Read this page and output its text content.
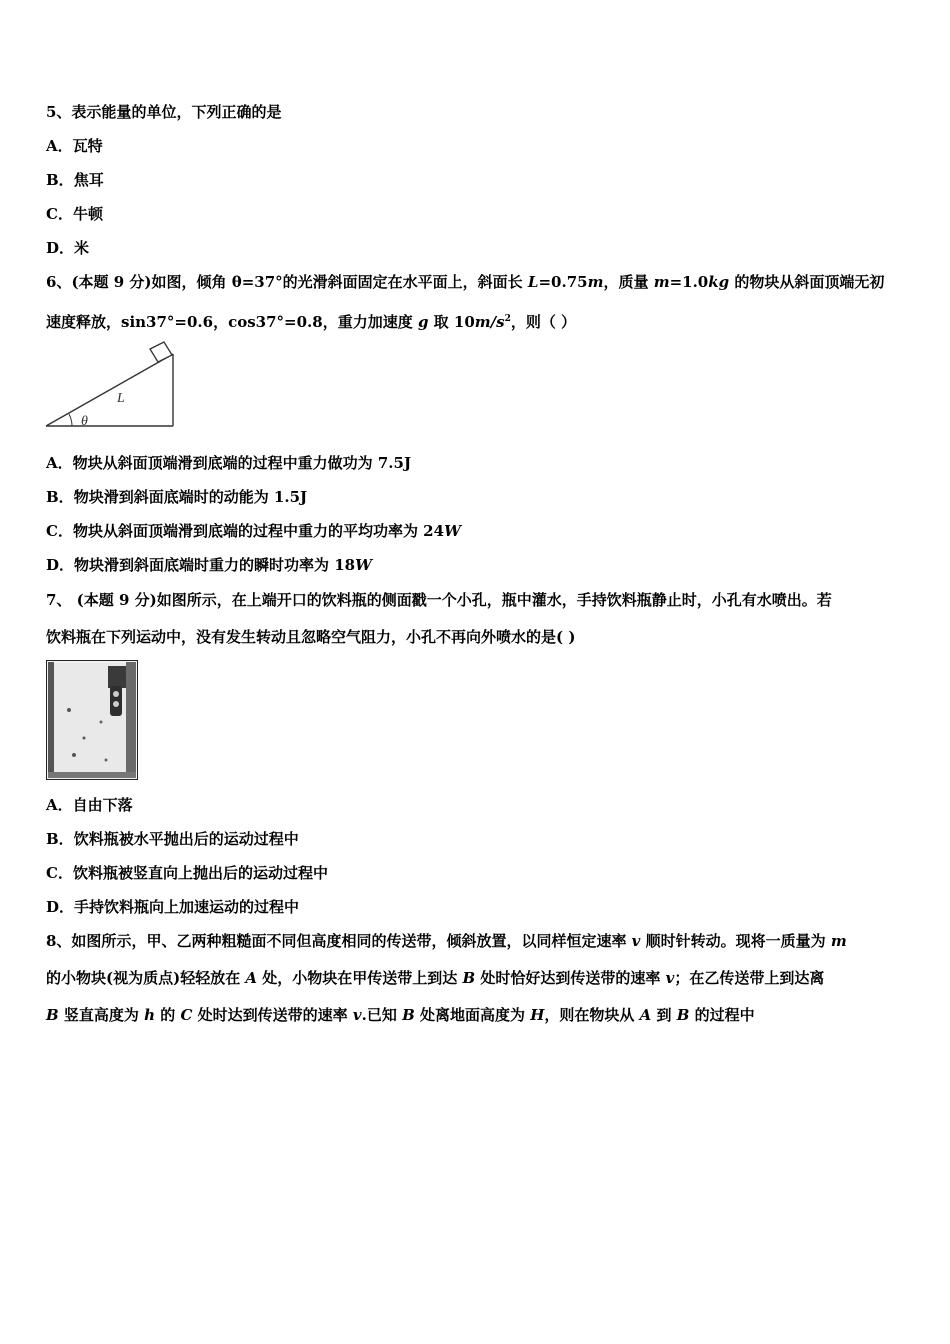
5、表示能量的单位，下列正确的是
A．瓦特
B．焦耳
C．牛顿
D．米
6、(本题 9 分)如图，倾角 θ=37°的光滑斜面固定在水平面上，斜面长 L=0.75m，质量 m=1.0kg 的物块从斜面顶端无初
速度释放，sin37°=0.6，cos37°=0.8，重力加速度 g 取 $10m/s^2$，则（ ）
L
θ
A．物块从斜面顶端滑到底端的过程中重力做功为 7.5J
B．物块滑到斜面底端时的动能为 1.5J
C．物块从斜面顶端滑到底端的过程中重力的平均功率为 24W
D．物块滑到斜面底端时重力的瞬时功率为 18W
7、 (本题 9 分)如图所示，在上端开口的饮料瓶的侧面戳一个小孔，瓶中灌水，手持饮料瓶静止时，小孔有水喷出。若
饮料瓶在下列运动中，没有发生转动且忽略空气阻力，小孔不再向外喷水的是( )
A．自由下落
B．饮料瓶被水平抛出后的运动过程中
C．饮料瓶被竖直向上抛出后的运动过程中
D．手持饮料瓶向上加速运动的过程中
8、如图所示，甲、乙两种粗糙面不同但高度相同的传送带，倾斜放置，以同样恒定速率 v 顺时针转动。现将一质量为 m
的小物块(视为质点)轻轻放在 A 处，小物块在甲传送带上到达 B 处时恰好达到传送带的速率 v；在乙传送带上到达离
B 竖直高度为 h 的 C 处时达到传送带的速率 v.已知 B 处离地面高度为 H，则在物块从 A 到 B 的过程中
